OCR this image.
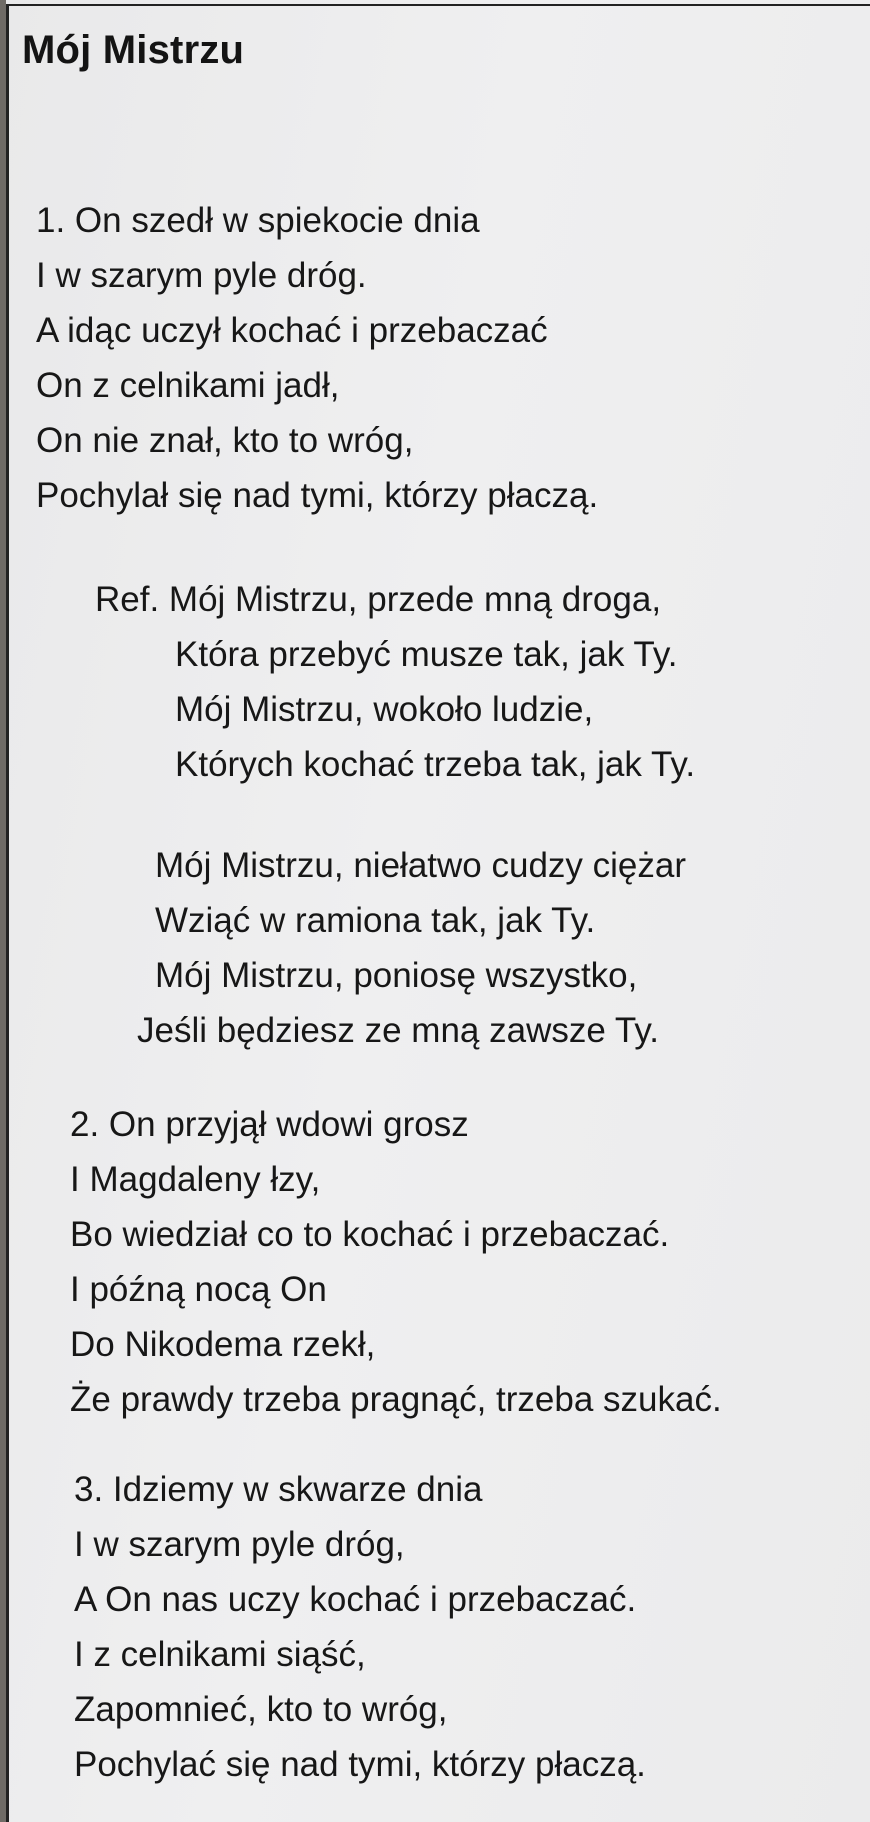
Mój Mistrzu
1. On szedł w spiekocie dnia
I w szarym pyle dróg.
A idąc uczył kochać i przebaczać
On z celnikami jadł,
On nie znał, kto to wróg,
Pochylał się nad tymi, którzy płaczą.
Ref. Mój Mistrzu, przede mną droga,
Która przebyć musze tak, jak Ty.
Mój Mistrzu, wokoło ludzie,
Których kochać trzeba tak, jak Ty.
Mój Mistrzu, niełatwo cudzy ciężar
Wziąć w ramiona tak, jak Ty.
Mój Mistrzu, poniosę wszystko,
Jeśli będziesz ze mną zawsze Ty.
2. On przyjął wdowi grosz
I Magdaleny łzy,
Bo wiedział co to kochać i przebaczać.
I późną nocą On
Do Nikodema rzekł,
Że prawdy trzeba pragnąć, trzeba szukać.
3. Idziemy w skwarze dnia
I w szarym pyle dróg,
A On nas uczy kochać i przebaczać.
I z celnikami siąść,
Zapomnieć, kto to wróg,
Pochylać się nad tymi, którzy płaczą.
